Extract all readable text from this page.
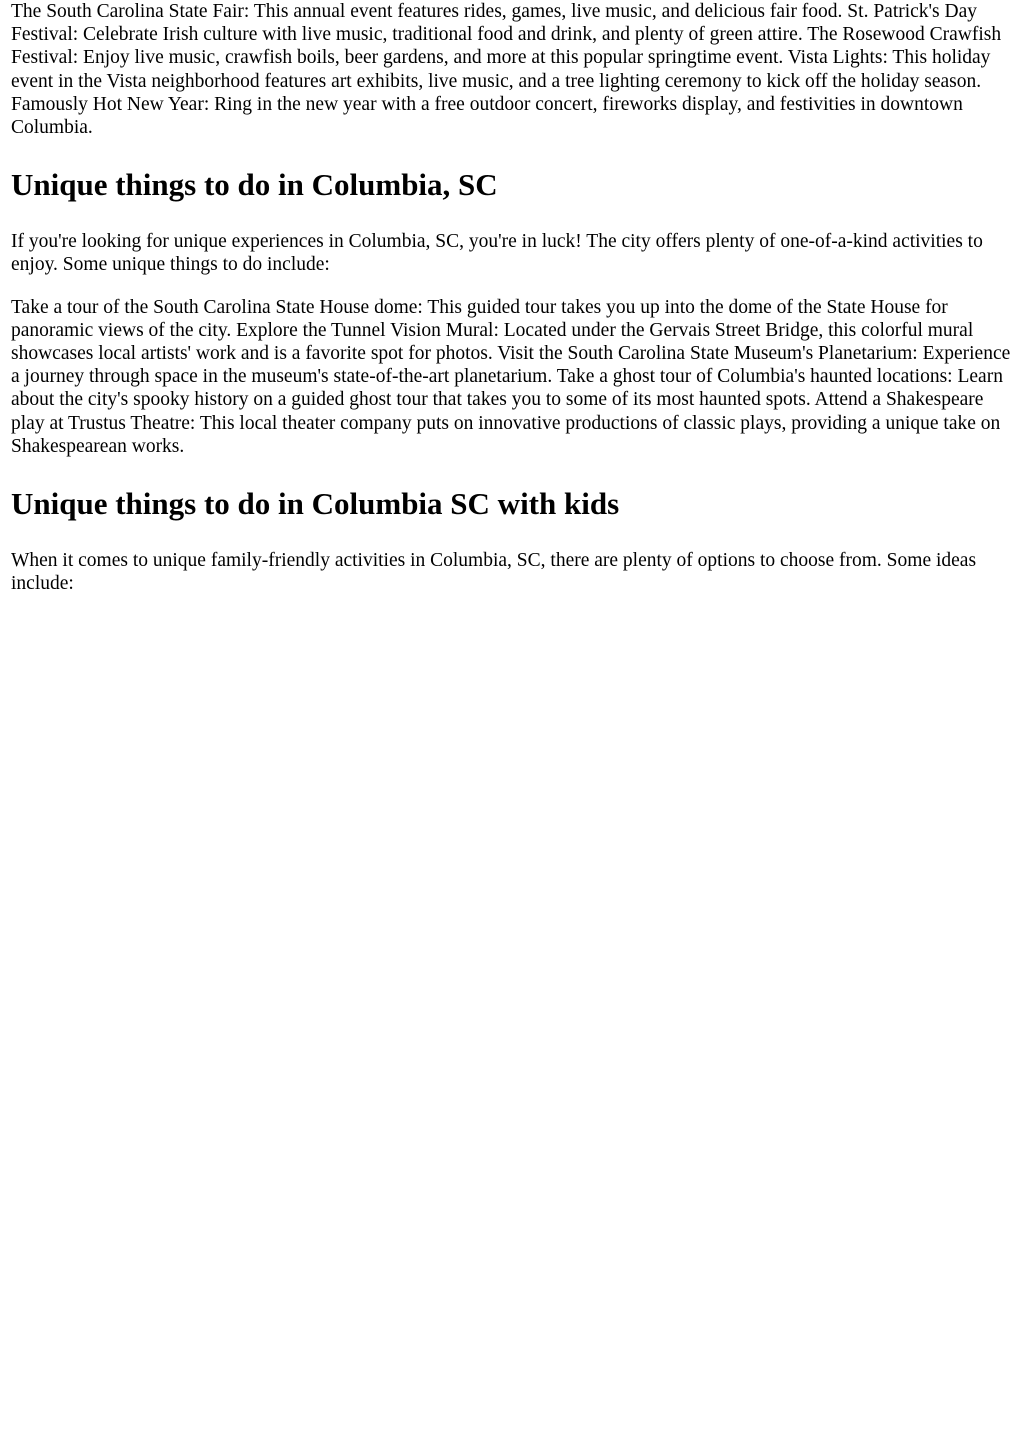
The South Carolina State Fair: This annual event features rides, games, live music, and delicious fair food. St. Patrick's Day Festival: Celebrate Irish culture with live music, traditional food and drink, and plenty of green attire. The Rosewood Crawfish Festival: Enjoy live music, crawfish boils, beer gardens, and more at this popular springtime event. Vista Lights: This holiday event in the Vista neighborhood features art exhibits, live music, and a tree lighting ceremony to kick off the holiday season. Famously Hot New Year: Ring in the new year with a free outdoor concert, fireworks display, and festivities in downtown Columbia.

Unique things to do in Columbia, SC

If you're looking for unique experiences in Columbia, SC, you're in luck! The city offers plenty of one-of-a-kind activities to enjoy. Some unique things to do include:

Take a tour of the South Carolina State House dome: This guided tour takes you up into the dome of the State House for panoramic views of the city. Explore the Tunnel Vision Mural: Located under the Gervais Street Bridge, this colorful mural showcases local artists' work and is a favorite spot for photos. Visit the South Carolina State Museum's Planetarium: Experience a journey through space in the museum's state-of-the-art planetarium. Take a ghost tour of Columbia's haunted locations: Learn about the city's spooky history on a guided ghost tour that takes you to some of its most haunted spots. Attend a Shakespeare play at Trustus Theatre: This local theater company puts on innovative productions of classic plays, providing a unique take on Shakespearean works.

Unique things to do in Columbia SC with kids

When it comes to unique family-friendly activities in Columbia, SC, there are plenty of options to choose from. Some ideas include:
